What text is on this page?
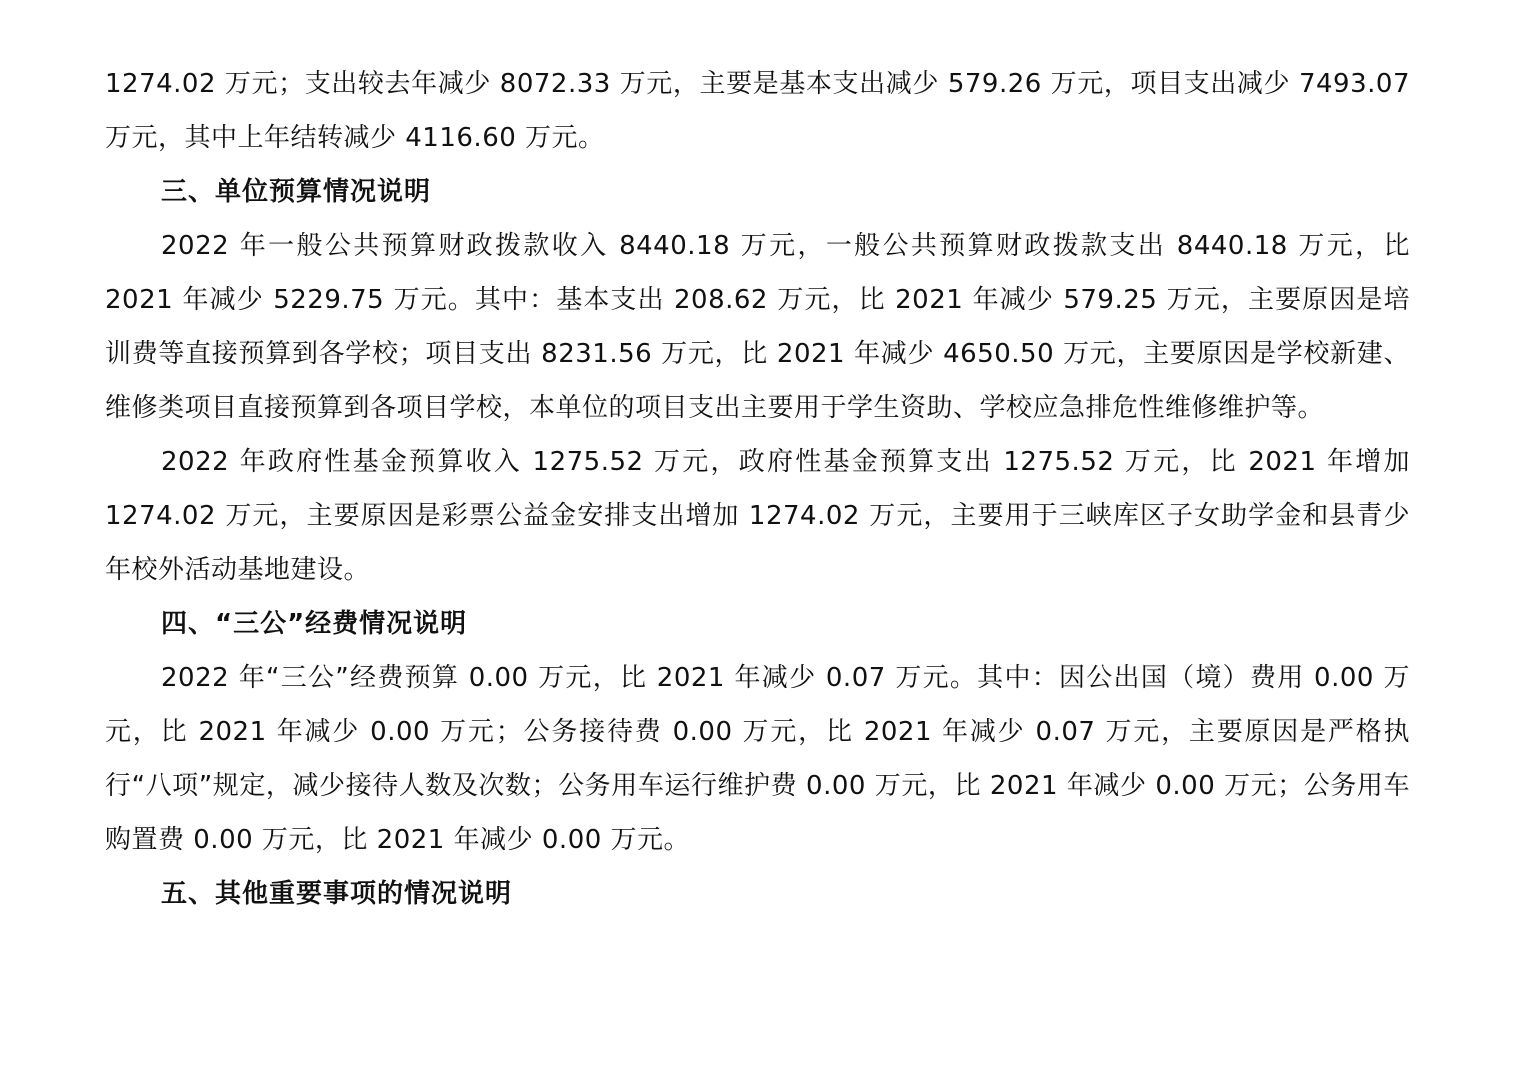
1274.02 万元；支出较去年减少 8072.33 万元，主要是基本支出减少 579.26 万元，项目支出减少 7493.07 万元，其中上年结转减少 4116.60 万元。

三、单位预算情况说明

2022 年一般公共预算财政拨款收入 8440.18 万元，一般公共预算财政拨款支出 8440.18 万元，比 2021 年减少 5229.75 万元。其中：基本支出 208.62 万元，比 2021 年减少 579.25 万元，主要原因是培训费等直接预算到各学校；项目支出 8231.56 万元，比 2021 年减少 4650.50 万元，主要原因是学校新建、维修类项目直接预算到各项目学校，本单位的项目支出主要用于学生资助、学校应急排危性维修维护等。

2022 年政府性基金预算收入 1275.52 万元，政府性基金预算支出 1275.52 万元，比 2021 年增加 1274.02 万元，主要原因是彩票公益金安排支出增加 1274.02 万元，主要用于三峡库区子女助学金和县青少年校外活动基地建设。

四、“三公”经费情况说明

2022 年“三公”经费预算 0.00 万元，比 2021 年减少 0.07 万元。其中：因公出国（境）费用 0.00 万元，比 2021 年减少 0.00 万元；公务接待费 0.00 万元，比 2021 年减少 0.07 万元，主要原因是严格执行“八项”规定，减少接待人数及次数；公务用车运行维护费 0.00 万元，比 2021 年减少 0.00 万元；公务用车购置费 0.00 万元，比 2021 年减少 0.00 万元。

五、其他重要事项的情况说明
